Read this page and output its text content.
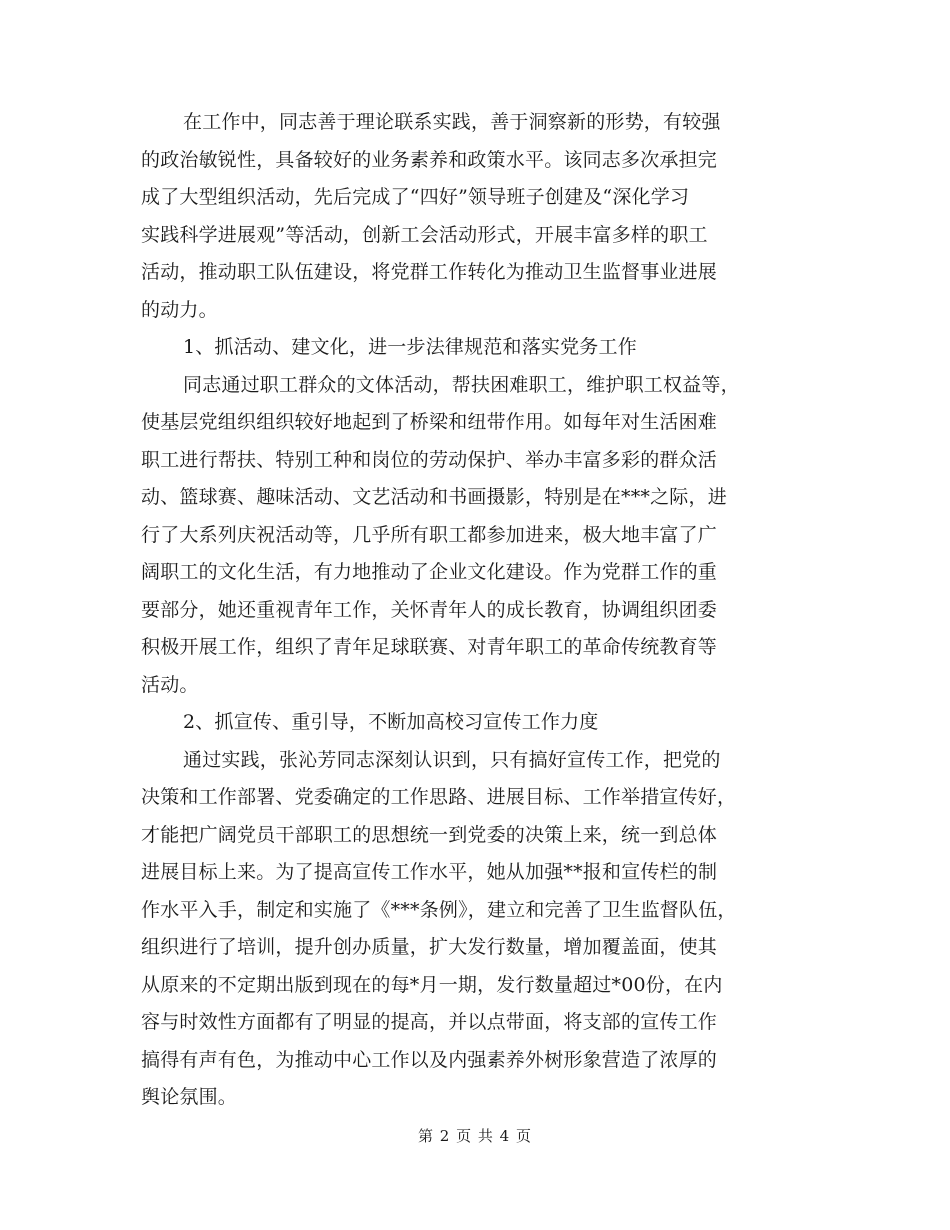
在工作中，同志善于理论联系实践，善于洞察新的形势，有较强
的政治敏锐性，具备较好的业务素养和政策水平。该同志多次承担完
成了大型组织活动，先后完成了“四好”领导班子创建及“深化学习
实践科学进展观”等活动，创新工会活动形式，开展丰富多样的职工
活动，推动职工队伍建设，将党群工作转化为推动卫生监督事业进展
的动力。
1、抓活动、建文化，进一步法律规范和落实党务工作
同志通过职工群众的文体活动，帮扶困难职工，维护职工权益等，
使基层党组织组织较好地起到了桥梁和纽带作用。如每年对生活困难
职工进行帮扶、特别工种和岗位的劳动保护、举办丰富多彩的群众活
动、篮球赛、趣味活动、文艺活动和书画摄影，特别是在***之际，进
行了大系列庆祝活动等，几乎所有职工都参加进来，极大地丰富了广
阔职工的文化生活，有力地推动了企业文化建设。作为党群工作的重
要部分，她还重视青年工作，关怀青年人的成长教育，协调组织团委
积极开展工作，组织了青年足球联赛、对青年职工的革命传统教育等
活动。
2、抓宣传、重引导，不断加高校习宣传工作力度
通过实践，张沁芳同志深刻认识到，只有搞好宣传工作，把党的
决策和工作部署、党委确定的工作思路、进展目标、工作举措宣传好，
才能把广阔党员干部职工的思想统一到党委的决策上来，统一到总体
进展目标上来。为了提高宣传工作水平，她从加强**报和宣传栏的制
作水平入手，制定和实施了《***条例》，建立和完善了卫生监督队伍，
组织进行了培训，提升创办质量，扩大发行数量，增加覆盖面，使其
从原来的不定期出版到现在的每*月一期，发行数量超过*00份，在内
容与时效性方面都有了明显的提高，并以点带面，将支部的宣传工作
搞得有声有色，为推动中心工作以及内强素养外树形象营造了浓厚的
舆论氛围。
第 2 页 共 4 页
